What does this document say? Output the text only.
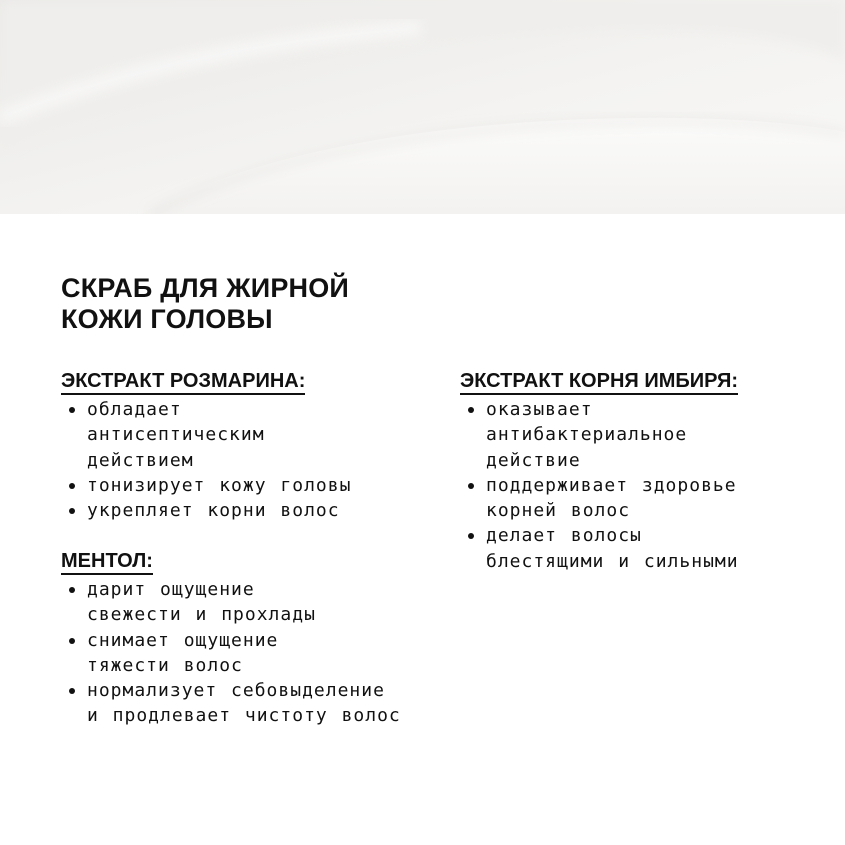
СКРАБ ДЛЯ ЖИРНОЙ
КОЖИ ГОЛОВЫ
ЭКСТРАКТ РОЗМАРИНА:
обладает
антисептическим
действием
тонизирует кожу головы
укрепляет корни волос
МЕНТОЛ:
дарит ощущение
свежести и прохлады
снимает ощущение
тяжести волос
нормализует себовыделение
и продлевает чистоту волос
ЭКСТРАКТ КОРНЯ ИМБИРЯ:
оказывает
антибактериальное
действие
поддерживает здоровье
корней волос
делает волосы
блестящими и сильными
